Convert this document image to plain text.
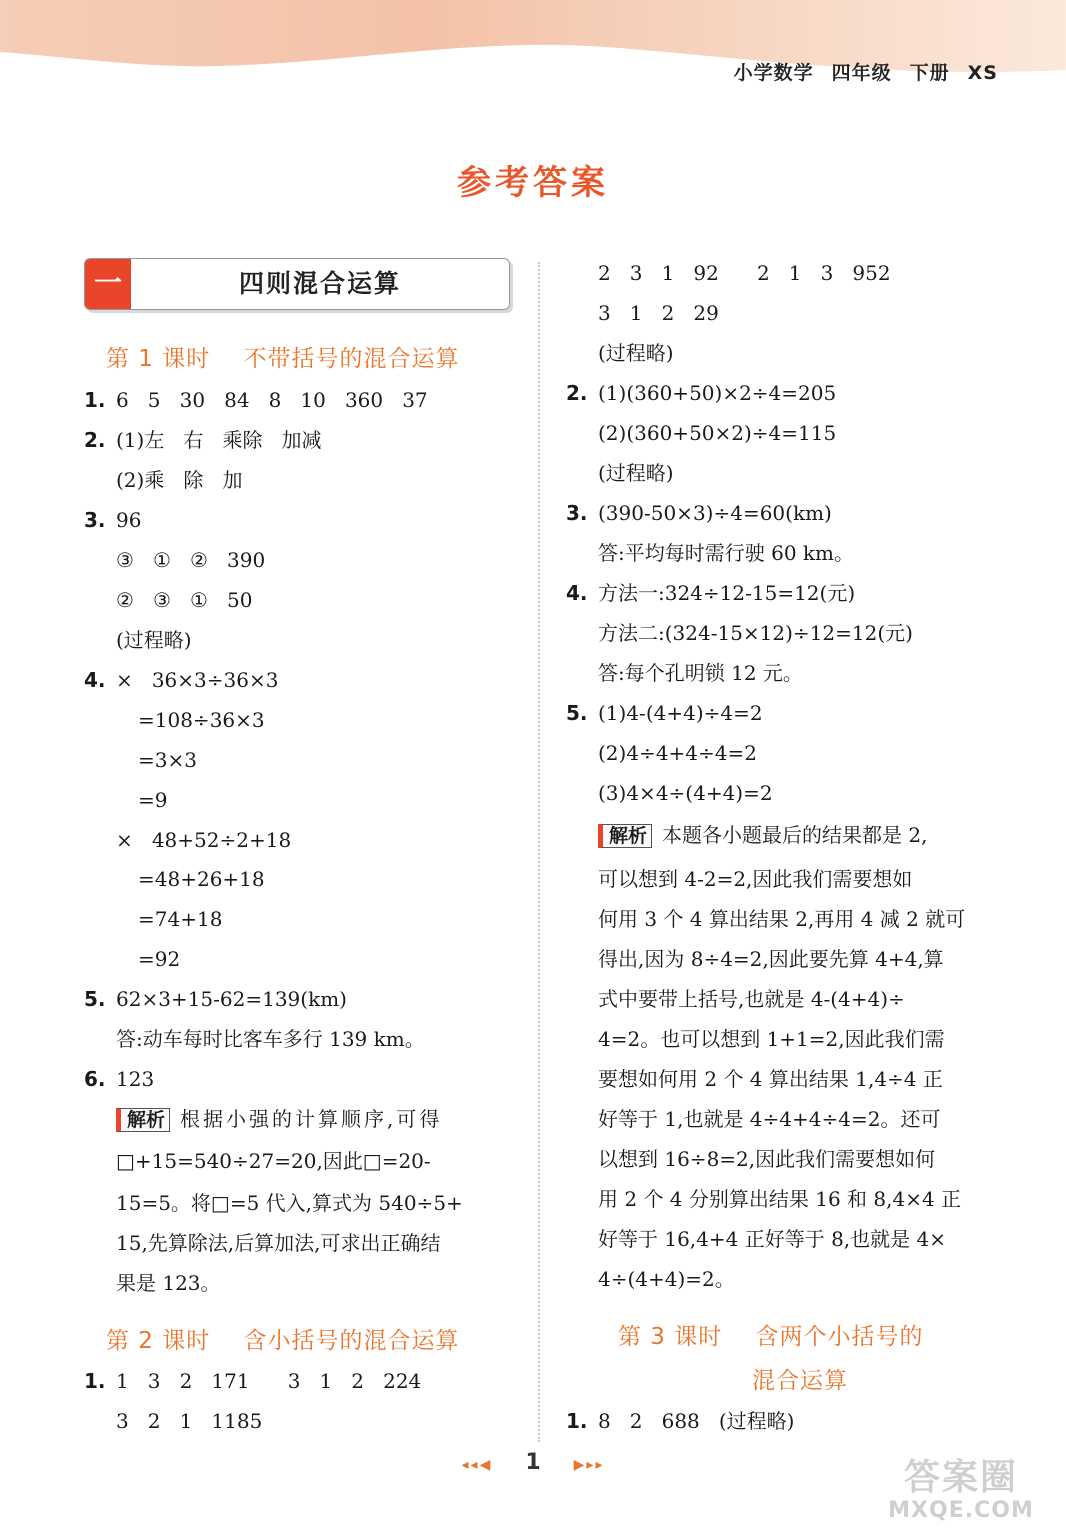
小学数学 四年级 下册 XS
参考答案
一	四则混合运算
第 1 课时    不带括号的混合运算
1. 6   5   30   84   8   10   360   37
2. (1)左   右   乘除   加减
(2)乘   除   加
3. 96
③   ①   ②   390
②   ③   ①   50
(过程略)
4. ×   36×3÷36×3
=108÷36×3
=3×3
=9
×   48+52÷2+18
=48+26+18
=74+18
=92
5. 62×3+15-62=139(km)
答:动车每时比客车多行 139 km。
6. 123
解析 根据小强的计算顺序,可得
□+15=540÷27=20,因此□=20-
15=5。将□=5 代入,算式为 540÷5+
15,先算除法,后算加法,可求出正确结
果是 123。
第 2 课时    含小括号的混合运算
1. 1   3   2   171      3   1   2   224
3   2   1   1185
2   3   1   92      2   1   3   952
3   1   2   29
(过程略)
2. (1)(360+50)×2÷4=205
(2)(360+50×2)÷4=115
(过程略)
3. (390-50×3)÷4=60(km)
答:平均每时需行驶 60 km。
4. 方法一:324÷12-15=12(元)
方法二:(324-15×12)÷12=12(元)
答:每个孔明锁 12 元。
5. (1)4-(4+4)÷4=2
(2)4÷4+4÷4=2
(3)4×4÷(4+4)=2
解析 本题各小题最后的结果都是 2,
可以想到 4-2=2,因此我们需要想如
何用 3 个 4 算出结果 2,再用 4 减 2 就可
得出,因为 8÷4=2,因此要先算 4+4,算
式中要带上括号,也就是 4-(4+4)÷
4=2。也可以想到 1+1=2,因此我们需
要想如何用 2 个 4 算出结果 1,4÷4 正
好等于 1,也就是 4÷4+4÷4=2。还可
以想到 16÷8=2,因此我们需要想如何
用 2 个 4 分别算出结果 16 和 8,4×4 正
好等于 16,4+4 正好等于 8,也就是 4×
4÷(4+4)=2。
第 3 课时    含两个小括号的
混合运算
1. 8   2   688   (过程略)
◂◂◀ 1 ▶▸▸	答案圈
MXQE.COM
